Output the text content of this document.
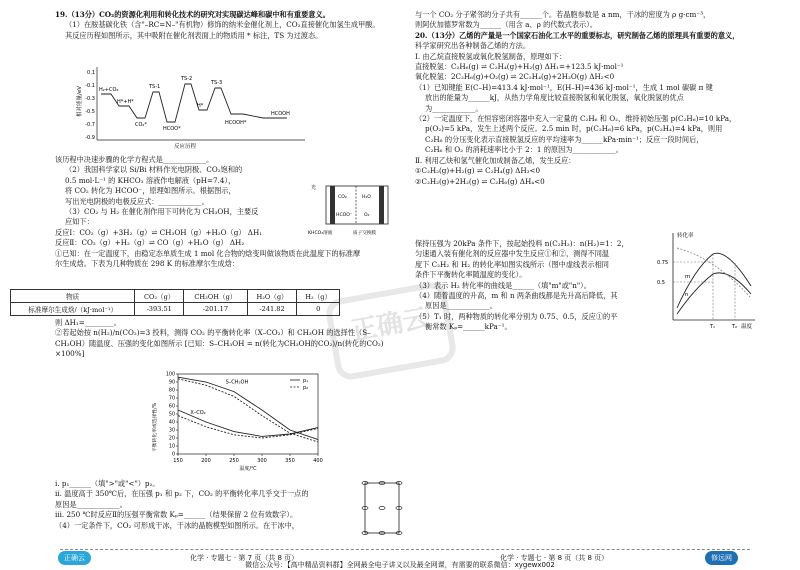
正确云

19.（13分）CO₂的资源化利用和转化技术的研究对实现碳达峰和碳中和有重要意义。

（1）在胺基碳化铁（含"–RC=N–"有机物）修饰的纳米金催化剂上，CO₂直接催化加氢生成甲酸。

其反应历程如图所示，其中吸附在催化剂表面上的物质用 * 标注，TS 为过渡态。

相对能量/eV
0.1
-0.1
-0.3
-0.5
-0.7
-0.9
H₂+CO₂
H*+H*
CO₂*
TS-1
HCOO*
TS-2
H*
TS-3
HCOOH*
HCOOH
反应历程

该历程中决速步骤的化学方程式是____________。

（2）我国科学家以 Si/Bi 材料作光电阴极、CO₂饱和的

0.5 mol·L⁻¹ 的 KHCO₃ 溶液作电解液（pH=7.4），

将 CO₂ 转化为 HCOO⁻，原理如图所示。根据图示，

写出光电阴极的电极反应式：____________。

（3）CO₂ 与 H₂ 在催化剂作用下可转化为 CH₃OH，主要反

应如下：

反应Ⅰ：CO₂（g）+3H₂（g）⇌ CH₃OH（g）+H₂O（g） ΔH₁

反应Ⅱ：CO₂（g）+H₂（g）⇌ CO（g）+H₂O（g） ΔH₂

①已知：在一定温度下，由稳定态单质生成 1 mol 化合物的焓变叫做该物质在此温度下的标准摩

尔生成焓。下表为几种物质在 298 K 的标准摩尔生成焓：

光
CO₂
HCOO⁻
H₂O
O₂
KHCO₃溶液	质子交换膜
物质	CO₂（g）	CH₃OH（g）	H₂O（g）	H₂（g）
标准摩尔生成焓/（kJ·mol⁻¹）	-393.51	-201.17	-241.82	0

则 ΔH₁=________。

②若起始按 n(H₂)/n(CO₂)=3 投料，测得 CO₂ 的平衡转化率（X–CO₂）和 CH₃OH 的选择性（S–

CH₃OH）随温度、压强的变化如图所示 [已知：S–CH₃OH = n(转化为CH₃OH的CO₂)/n(转化的CO₂) ×100%]

平衡转化率或选择性/%
温度/℃
150	200	250	300	350	400
0
10
20
30
40
50
60
70
80
90
100
S–CH₃OH
X–CO₂
p₁
p₂

i. p₁______（填">"或"<"）p₂。

ii. 温度高于 350℃后，在压强 p₁ 和 p₂ 下，CO₂ 的平衡转化率几乎交于一点的

原因是____________。

iii. 250 ℃时反应Ⅱ的压强平衡常数 Kₚ=______（结果保留 2 位有效数字）。

（4）一定条件下，CO₂ 可形成干冰，干冰的晶胞模型如图所示。在干冰中，

与一个 CO₂ 分子紧邻的分子共有______个。若晶胞参数是 a nm，干冰的密度为 ρ g·cm⁻³，

则阿伏加德罗常数为______（用含 a、ρ 的代数式表示）。

20.（13分）乙烯的产量是一个国家石油化工水平的重要标志，研究制备乙烯的原理具有重要的意义，

科学家研究出各种制备乙烯的方法。

Ⅰ. 由乙烷直接脱氢或氧化脱氢制备，原理如下：

直接脱氢：C₂H₆(g) ⇌ C₂H₄(g)+H₂(g) ΔH₁=+123.5 kJ·mol⁻¹

氧化脱氢：2C₂H₆(g)+O₂(g) ⇌ 2C₂H₄(g)+2H₂O(g) ΔH₂<0

（1）已知键能 E(C–H)=413.4 kJ·mol⁻¹，E(H–H)=436 kJ·mol⁻¹，生成 1 mol 碳碳 π 键

放出的能量为______kJ，从热力学角度比较直接脱氢和氧化脱氢，氧化脱氢的优点

为____________。

（2）一定温度下，在恒容密闭容器中充入一定量的 C₂H₆ 和 O₂，维持初始压强 p(C₂H₆)=10 kPa，

p(O₂)=5 kPa，发生上述两个反应。2.5 min 时，p(C₂H₆)=6 kPa，p(C₂H₄)=4 kPa，则用

C₂H₆ 的分压变化表示直接脱氢反应的平均速率为______kPa·min⁻¹；反应一段时间后，

C₂H₆ 和 O₂ 的消耗速率比小于 2：1 的原因为____________。

Ⅱ. 利用乙炔和氢气催化加成制备乙烯，发生反应：

①C₂H₂(g)+H₂(g) ⇌ C₂H₄(g) ΔH₃<0

②C₂H₂(g)+2H₂(g) ⇌ C₂H₆(g) ΔH₄<0

保持压强为 20kPa 条件下，按起始投料 n(C₂H₂)：n(H₂)=1：2，

匀速通入装有催化剂的反应器中发生反应①和②，测得不同温

度下 C₂H₂ 和 H₂ 的转化率如图实线所示（图中虚线表示相同

条件下平衡转化率随温度的变化）。

（3）表示 H₂ 转化率的曲线是______（填"m"或"n"）。

（4）随着温度的升高，m 和 n 两条曲线都是先升高后降低，其

原因是____________。

（5）T₁ 时，两种物质的转化率分别为 0.75、0.5，反应①的平

衡常数 Kₚ=______kPa⁻¹。

转化率
温度
0.75
0.5
m
n
T₁	T₂
正确云	化学 · 专题七 · 第 7 页（共 8 页）	化学 · 专题七 · 第 8 页（共 8 页）	修远网
微信公众号：【高中精品资料群】全网最全电子讲义以及最全网课，有需要的联系微信：xygewx002
